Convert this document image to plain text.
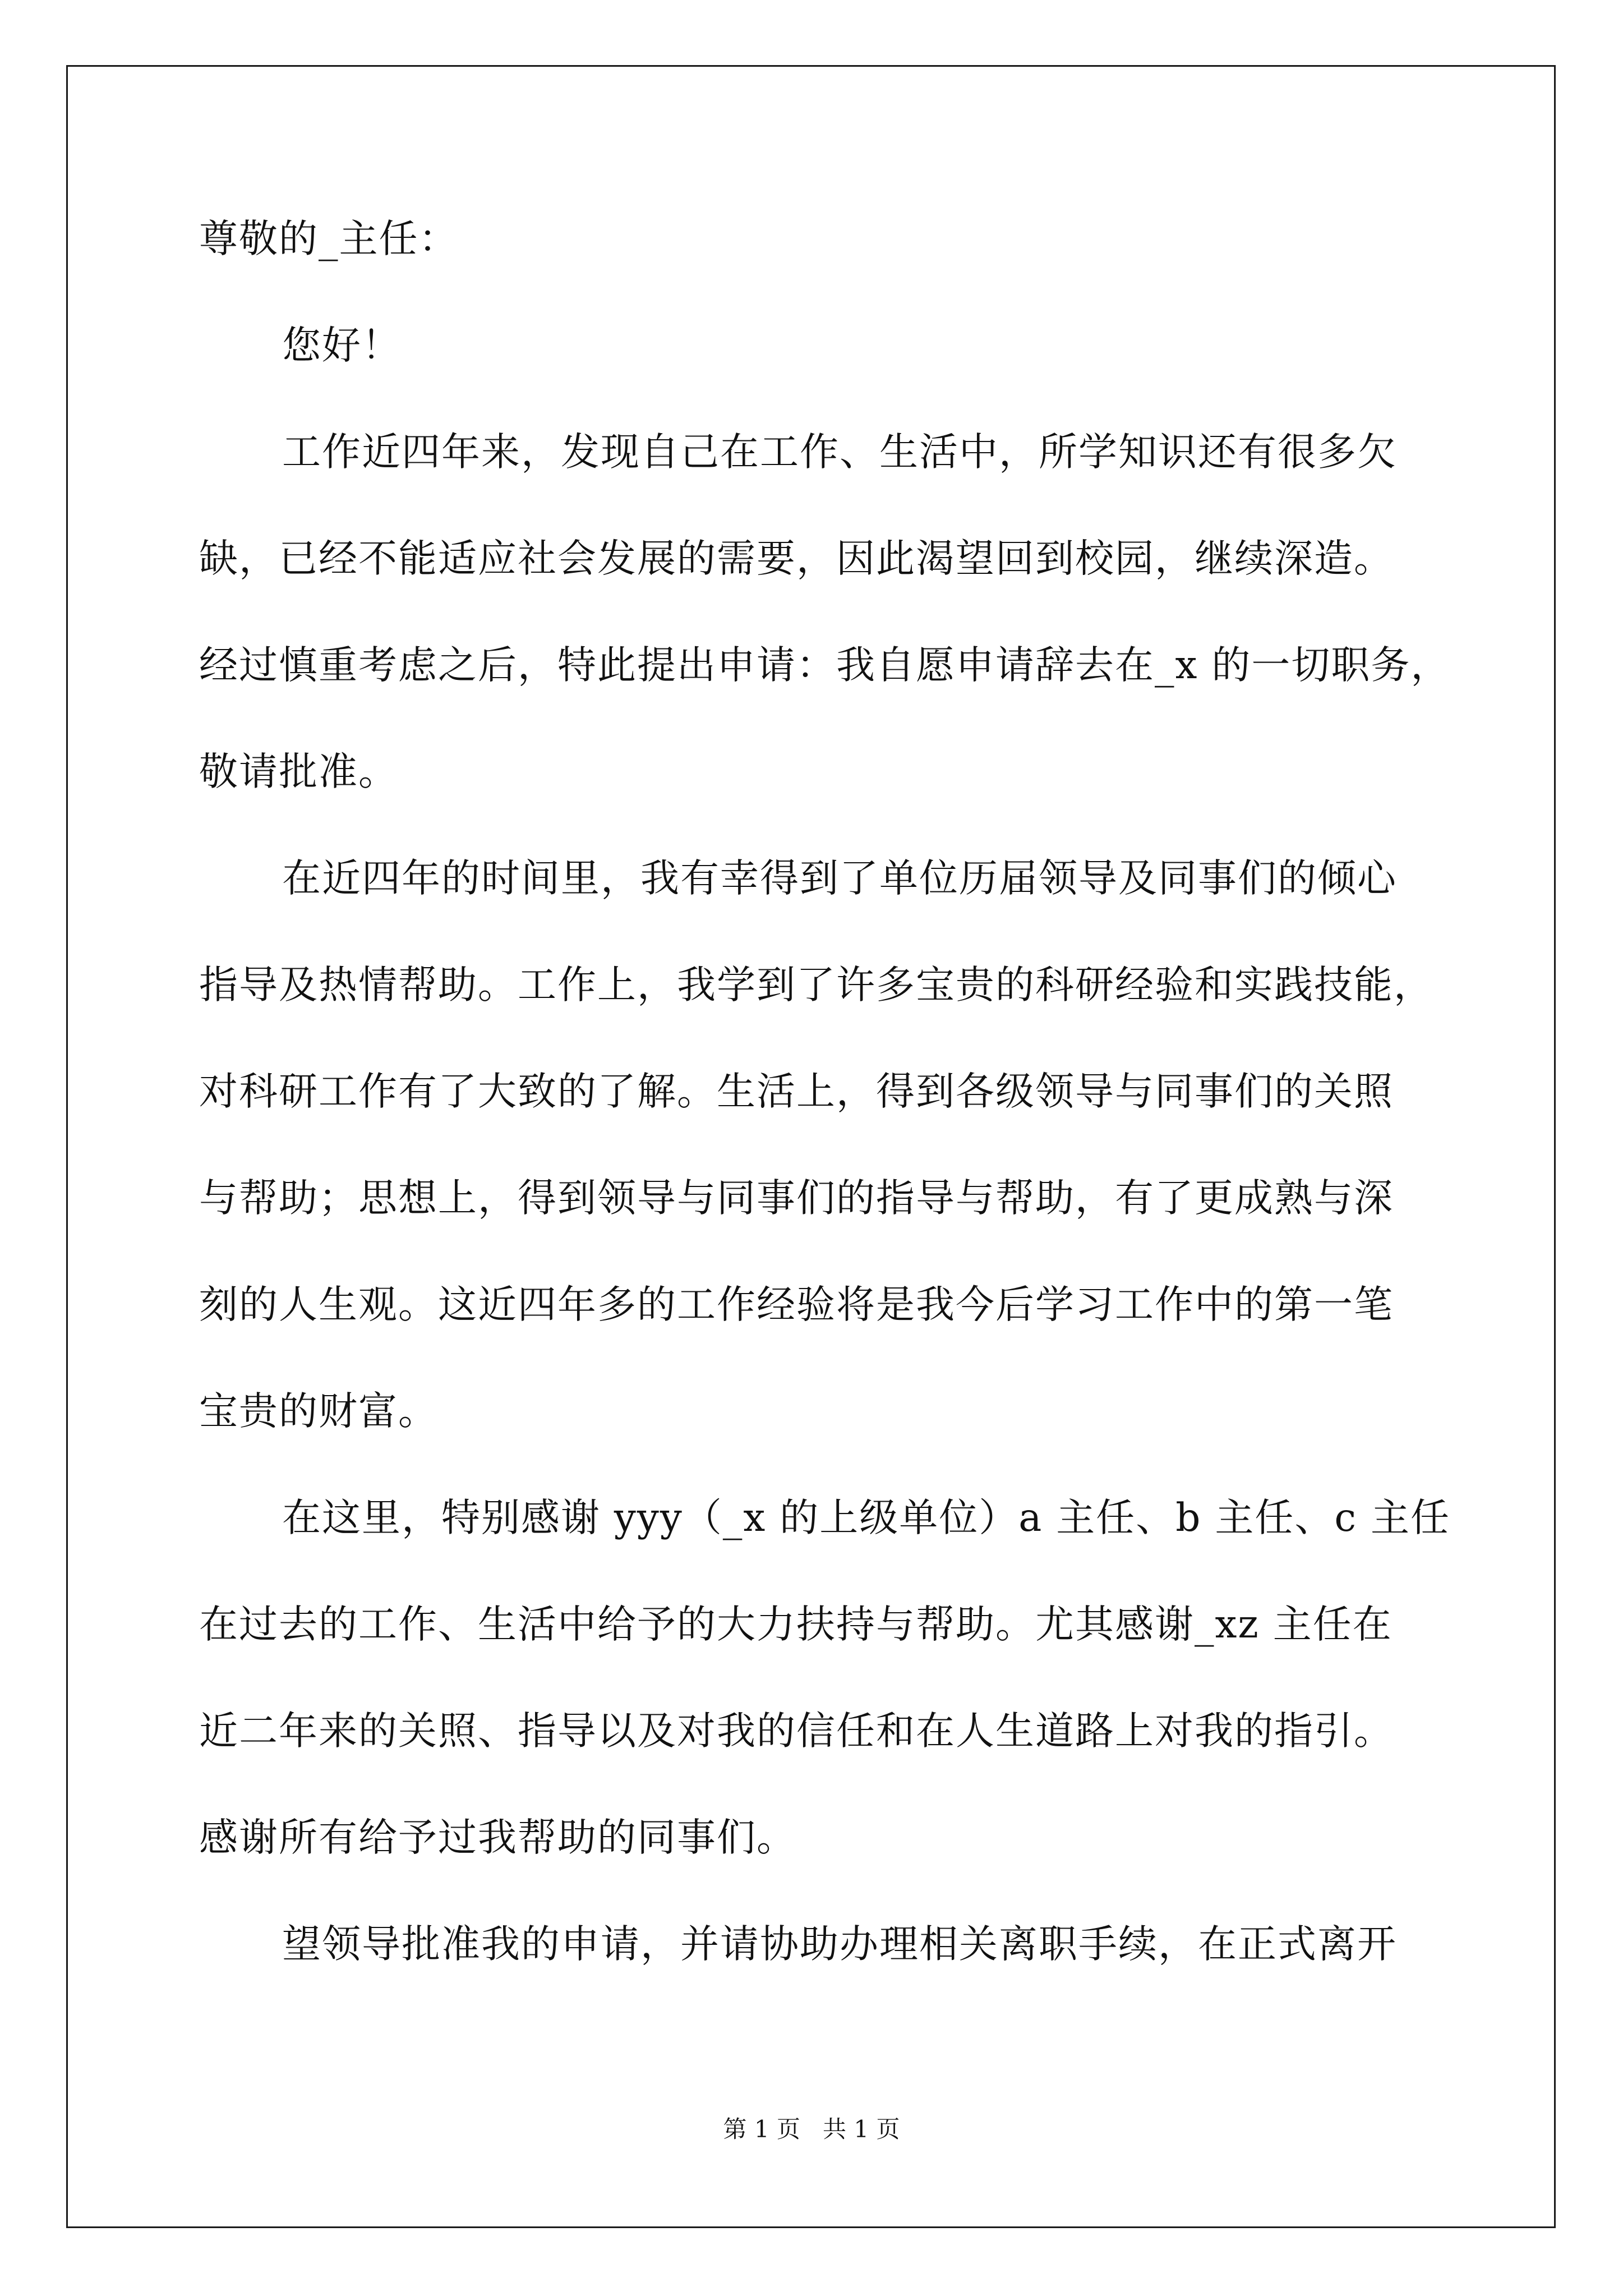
尊敬的_主任：
您好！
工作近四年来，发现自己在工作、生活中，所学知识还有很多欠
缺，已经不能适应社会发展的需要，因此渴望回到校园，继续深造。
经过慎重考虑之后，特此提出申请：我自愿申请辞去在_x 的一切职务，
敬请批准。
在近四年的时间里，我有幸得到了单位历届领导及同事们的倾心
指导及热情帮助。工作上，我学到了许多宝贵的科研经验和实践技能，
对科研工作有了大致的了解。生活上，得到各级领导与同事们的关照
与帮助；思想上，得到领导与同事们的指导与帮助，有了更成熟与深
刻的人生观。这近四年多的工作经验将是我今后学习工作中的第一笔
宝贵的财富。
在这里，特别感谢 yyy（_x 的上级单位）a 主任、b 主任、c 主任
在过去的工作、生活中给予的大力扶持与帮助。尤其感谢_xz 主任在
近二年来的关照、指导以及对我的信任和在人生道路上对我的指引。
感谢所有给予过我帮助的同事们。
望领导批准我的申请，并请协助办理相关离职手续，在正式离开
第 1 页   共 1 页
